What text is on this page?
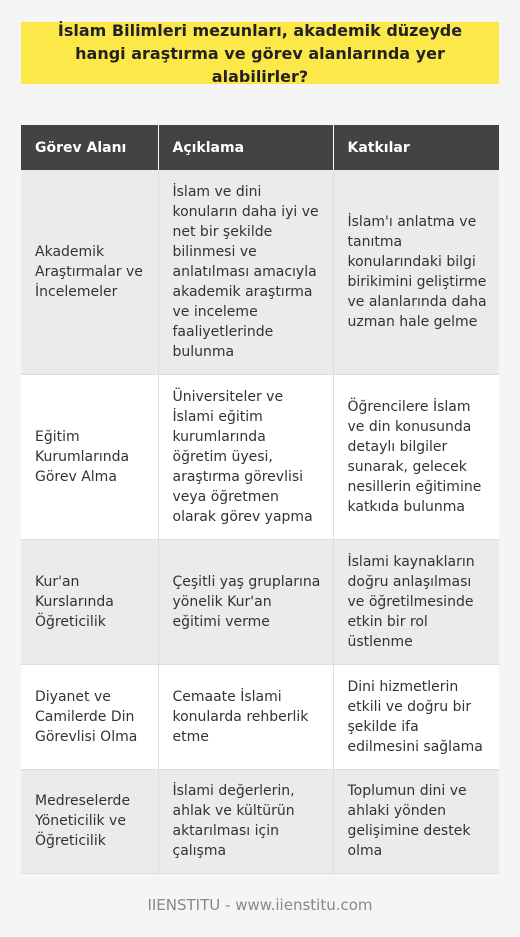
İslam Bilimleri mezunları, akademik düzeyde hangi araştırma ve görev alanlarında yer alabilirler?
Görev Alanı	Açıklama	Katkılar
Akademik Araştırmalar ve İncelemeler	İslam ve dini konuların daha iyi ve net bir şekilde bilinmesi ve anlatılması amacıyla akademik araştırma ve inceleme faaliyetlerinde bulunma	İslam'ı anlatma ve tanıtma konularındaki bilgi birikimini geliştirme ve alanlarında daha uzman hale gelme
Eğitim Kurumlarında Görev Alma	Üniversiteler ve İslami eğitim kurumlarında öğretim üyesi, araştırma görevlisi veya öğretmen olarak görev yapma	Öğrencilere İslam ve din konusunda detaylı bilgiler sunarak, gelecek nesillerin eğitimine katkıda bulunma
Kur'an Kurslarında Öğreticilik	Çeşitli yaş gruplarına yönelik Kur'an eğitimi verme	İslami kaynakların doğru anlaşılması ve öğretilmesinde etkin bir rol üstlenme
Diyanet ve Camilerde Din Görevlisi Olma	Cemaate İslami konularda rehberlik etme	Dini hizmetlerin etkili ve doğru bir şekilde ifa edilmesini sağlama
Medreselerde Yöneticilik ve Öğreticilik	İslami değerlerin, ahlak ve kültürün aktarılması için çalışma	Toplumun dini ve ahlaki yönden gelişimine destek olma
IIENSTITU - www.iienstitu.com
